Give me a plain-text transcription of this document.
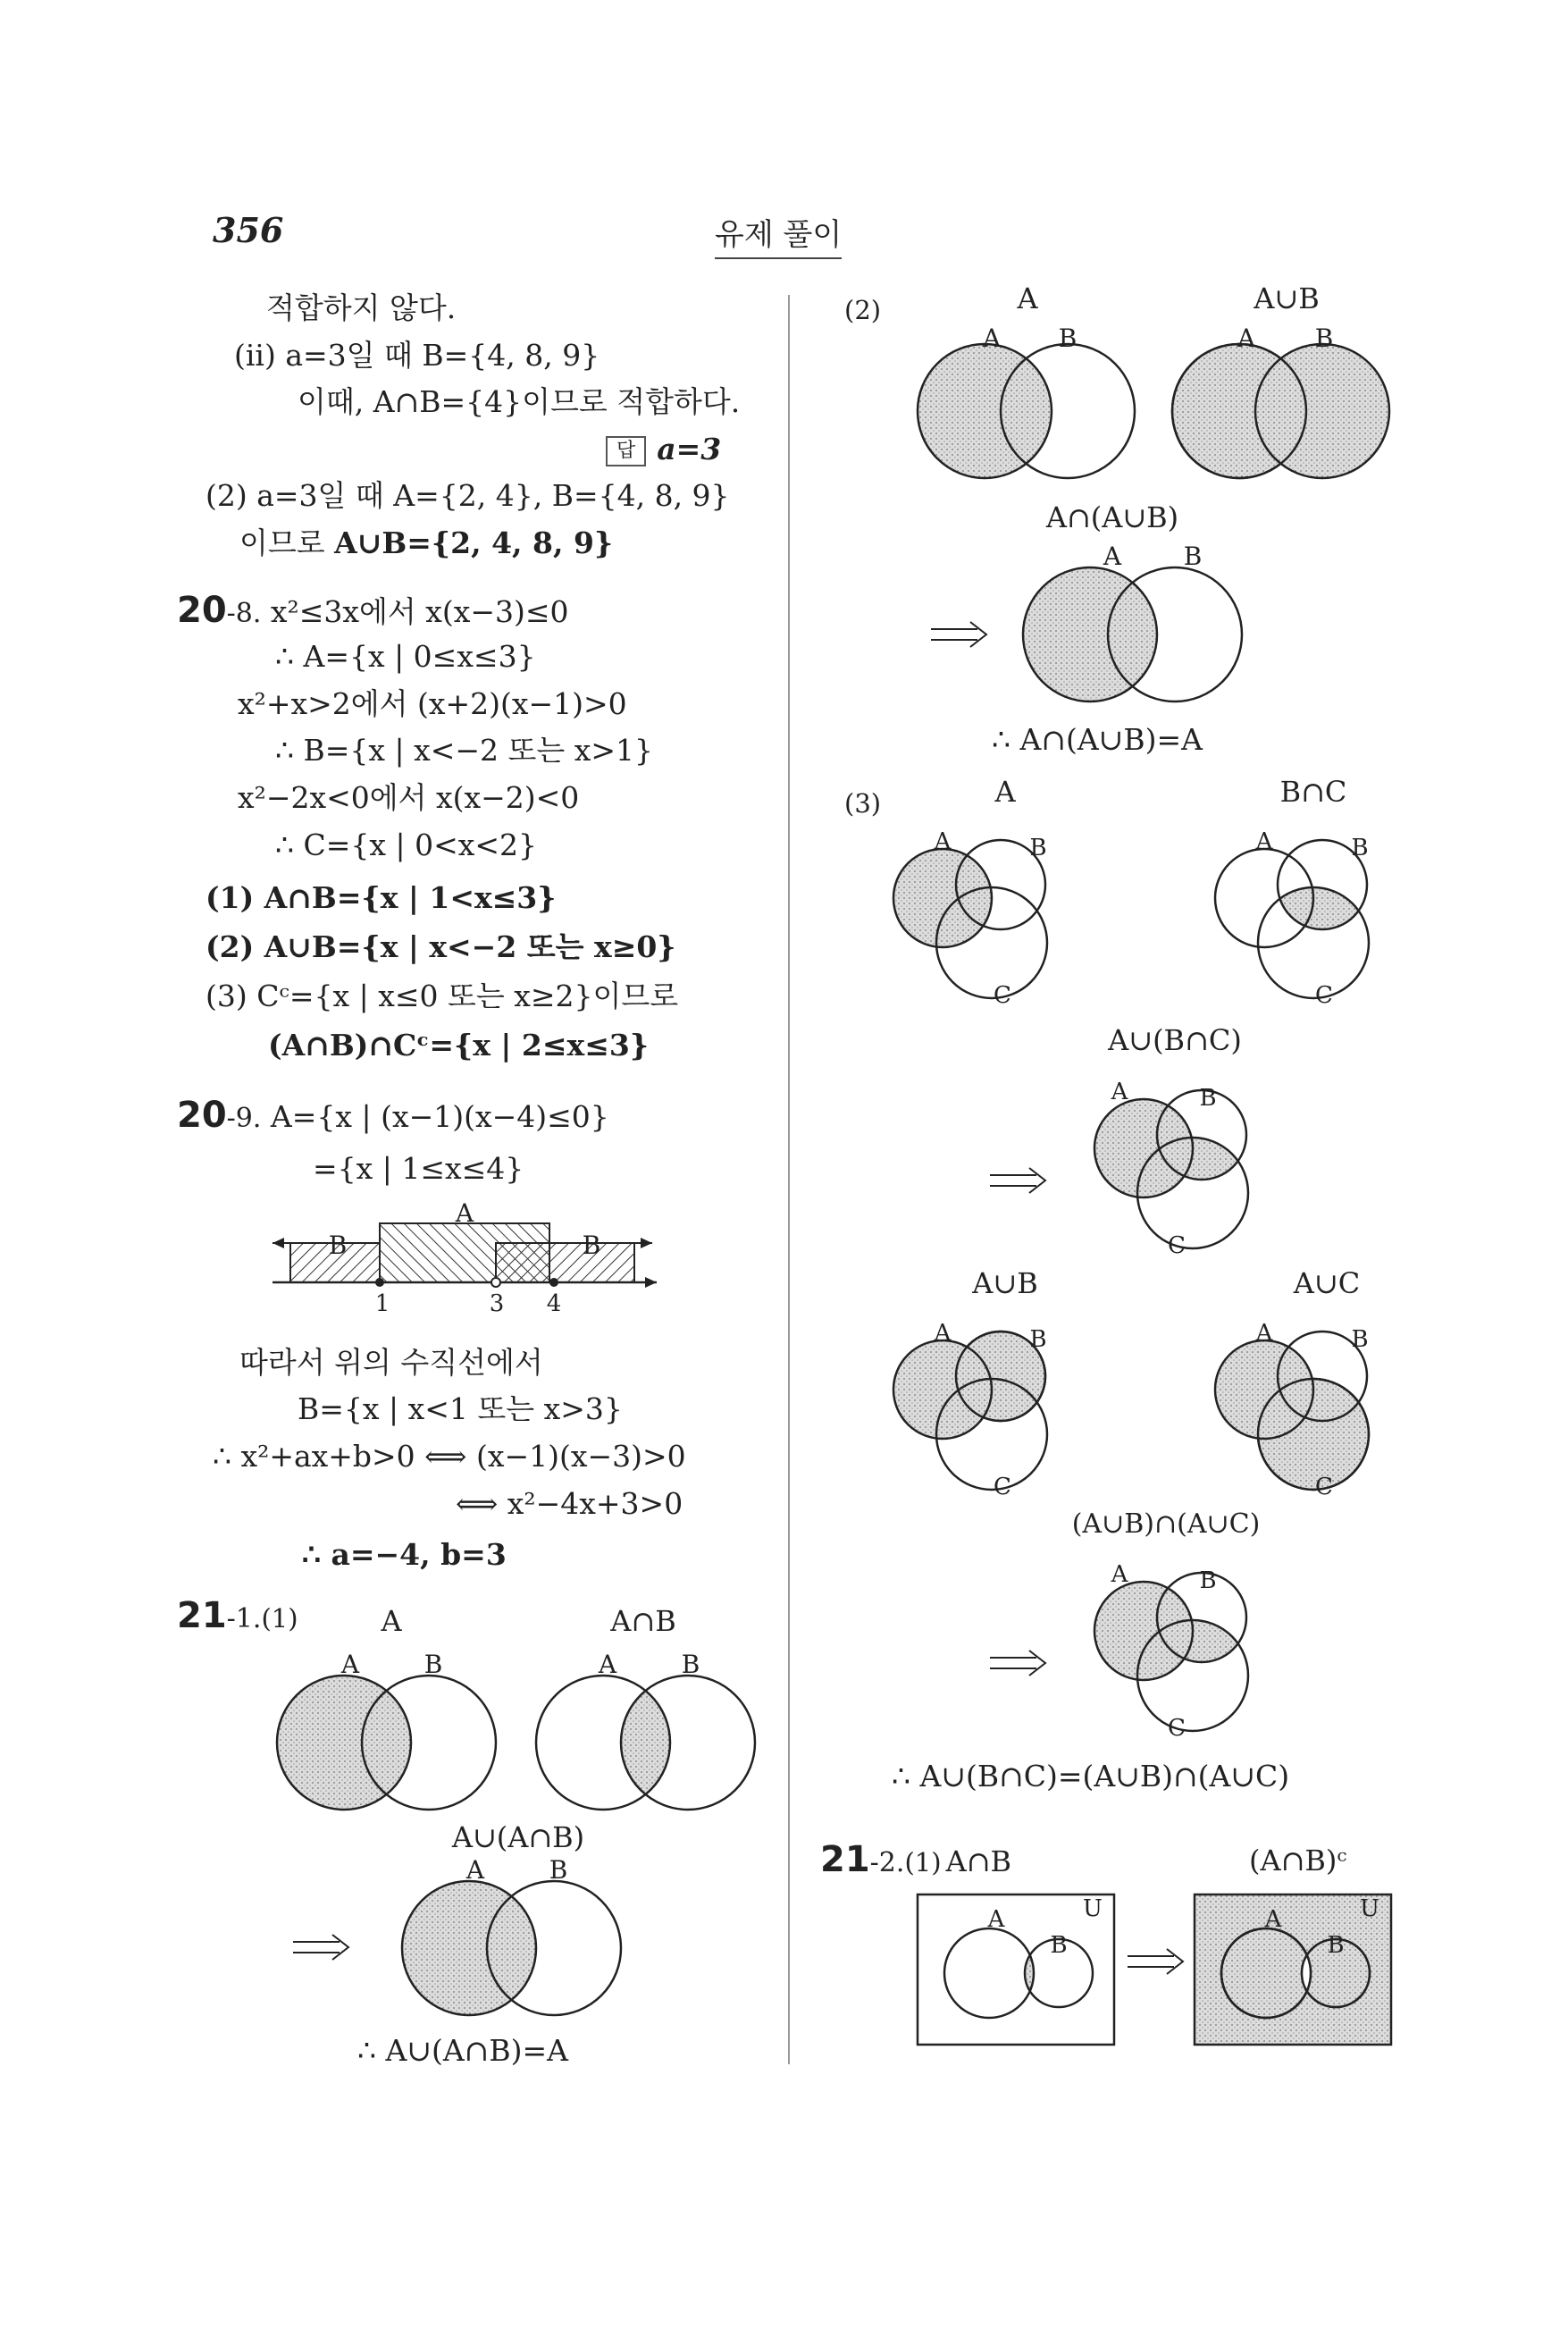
356	유제 풀이
적합하지 않다.
(ii) a=3일 때 B={4, 8, 9}
이때, A∩B={4}이므로 적합하다.
답 a=3
(2) a=3일 때 A={2, 4}, B={4, 8, 9}
이므로 A∪B={2, 4, 8, 9}
20-8. x²≤3x에서 x(x−3)≤0
∴ A={x | 0≤x≤3}
x²+x>2에서 (x+2)(x−1)>0
∴ B={x | x<−2 또는 x>1}
x²−2x<0에서 x(x−2)<0
∴ C={x | 0<x<2}
(1) A∩B={x | 1<x≤3}
(2) A∪B={x | x<−2 또는 x≥0}
(3) Cᶜ={x | x≤0 또는 x≥2}이므로
(A∩B)∩Cᶜ={x | 2≤x≤3}
20-9. A={x | (x−1)(x−4)≤0}
={x | 1≤x≤4}
A
B	B
1	3 4
따라서 위의 수직선에서
B={x | x<1 또는 x>3}
∴ x²+ax+b>0 ⟺ (x−1)(x−3)>0
⟺ x²−4x+3>0
∴ a=−4, b=3
21-1.(1)	A
A	B
A∩B
A	B
A∪(A∩B)
A	B
∴ A∪(A∩B)=A
(2)	A
A B
A∪B
A B
A∩(A∪B)
A B
∴ A∩(A∪B)=A
(3)	A
A	B
C
B∩C
A	B
C
A∪(B∩C)
A	B
C
A∪B
A	B
C
A∪C
A	B
C
(A∪B)∩(A∪C)
A	B
C
∴ A∪(B∩C)=(A∪B)∩(A∪C)
21-2.(1) A∩B	(A∩B)ᶜ
A
B
U	A
B
U
